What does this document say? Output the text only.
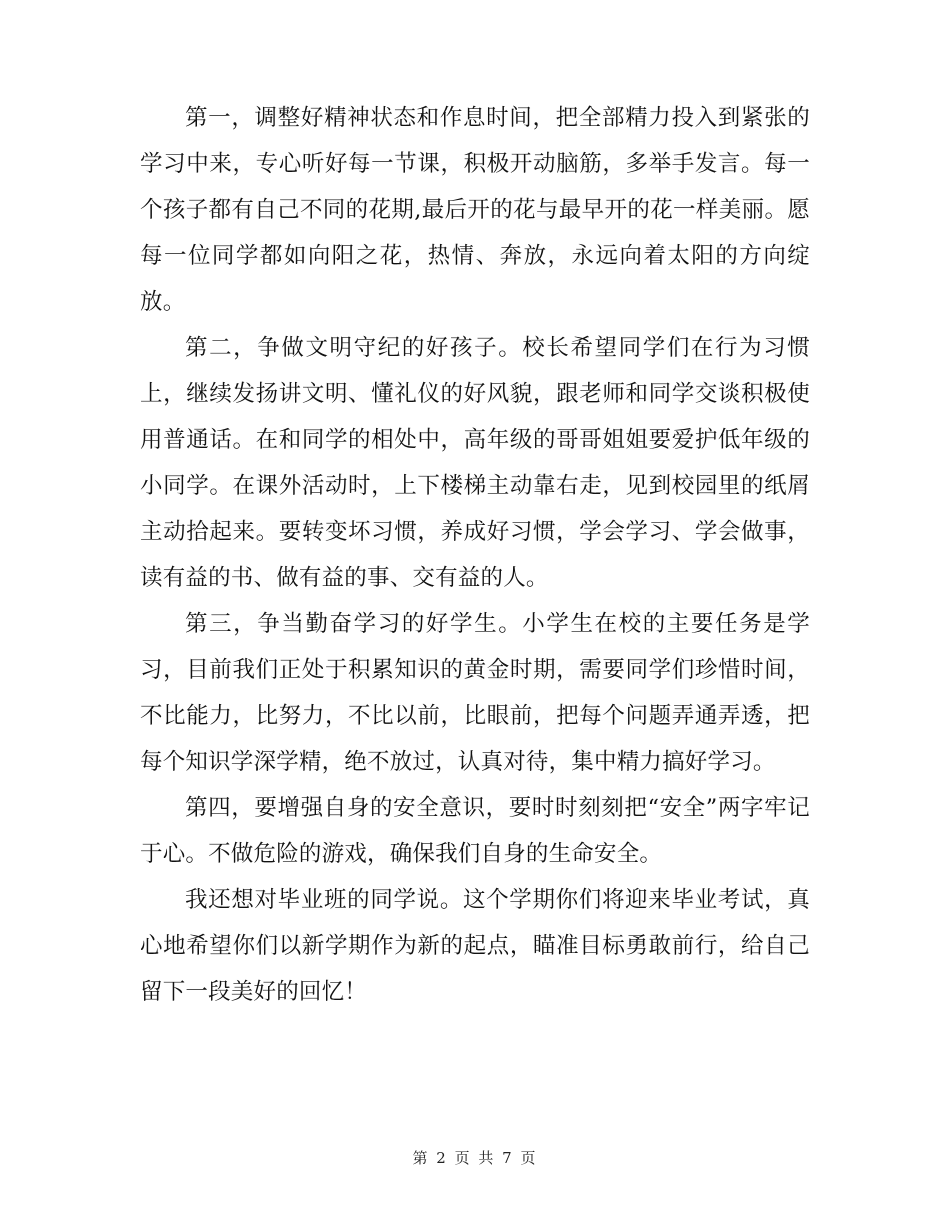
第一，调整好精神状态和作息时间，把全部精力投入到紧张的学习中来，专心听好每一节课，积极开动脑筋，多举手发言。每一个孩子都有自己不同的花期,最后开的花与最早开的花一样美丽。愿每一位同学都如向阳之花，热情、奔放，永远向着太阳的方向绽放。

第二，争做文明守纪的好孩子。校长希望同学们在行为习惯上，继续发扬讲文明、懂礼仪的好风貌，跟老师和同学交谈积极使用普通话。在和同学的相处中，高年级的哥哥姐姐要爱护低年级的小同学。在课外活动时，上下楼梯主动靠右走，见到校园里的纸屑主动拾起来。要转变坏习惯，养成好习惯，学会学习、学会做事，读有益的书、做有益的事、交有益的人。

第三，争当勤奋学习的好学生。小学生在校的主要任务是学习，目前我们正处于积累知识的黄金时期，需要同学们珍惜时间，不比能力，比努力，不比以前，比眼前，把每个问题弄通弄透，把每个知识学深学精，绝不放过，认真对待，集中精力搞好学习。

第四，要增强自身的安全意识，要时时刻刻把“安全”两字牢记于心。不做危险的游戏，确保我们自身的生命安全。

我还想对毕业班的同学说。这个学期你们将迎来毕业考试，真心地希望你们以新学期作为新的起点，瞄准目标勇敢前行，给自己留下一段美好的回忆！

第 2 页 共 7 页
